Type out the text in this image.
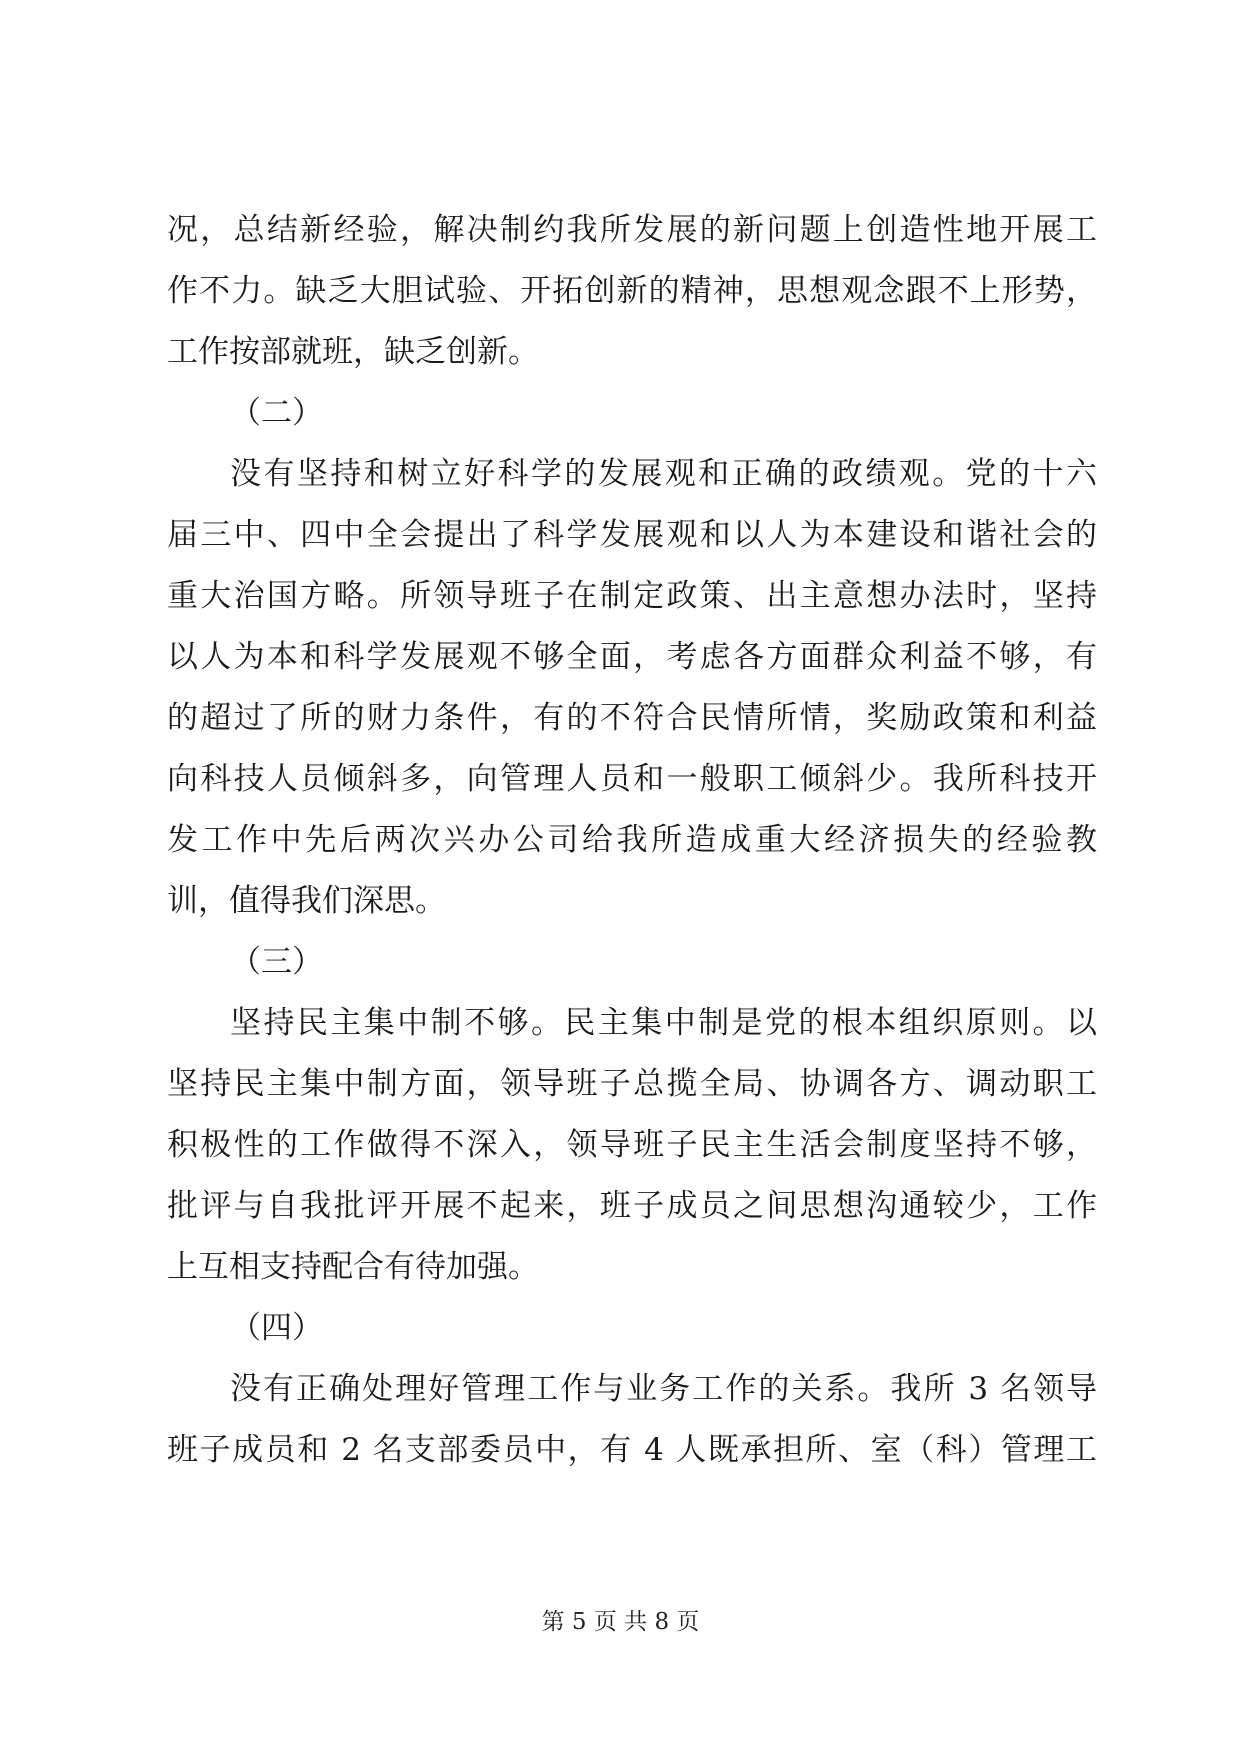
况，总结新经验，解决制约我所发展的新问题上创造性地开展工
作不力。缺乏大胆试验、开拓创新的精神，思想观念跟不上形势，
工作按部就班，缺乏创新。
（二）
没有坚持和树立好科学的发展观和正确的政绩观。党的十六
届三中、四中全会提出了科学发展观和以人为本建设和谐社会的
重大治国方略。所领导班子在制定政策、出主意想办法时，坚持
以人为本和科学发展观不够全面，考虑各方面群众利益不够，有
的超过了所的财力条件，有的不符合民情所情，奖励政策和利益
向科技人员倾斜多，向管理人员和一般职工倾斜少。我所科技开
发工作中先后两次兴办公司给我所造成重大经济损失的经验教
训，值得我们深思。
（三）
坚持民主集中制不够。民主集中制是党的根本组织原则。以
坚持民主集中制方面，领导班子总揽全局、协调各方、调动职工
积极性的工作做得不深入，领导班子民主生活会制度坚持不够，
批评与自我批评开展不起来，班子成员之间思想沟通较少，工作
上互相支持配合有待加强。
（四）
没有正确处理好管理工作与业务工作的关系。我所 3 名领导
班子成员和 2 名支部委员中，有 4 人既承担所、室（科）管理工
第 5 页 共 8 页
